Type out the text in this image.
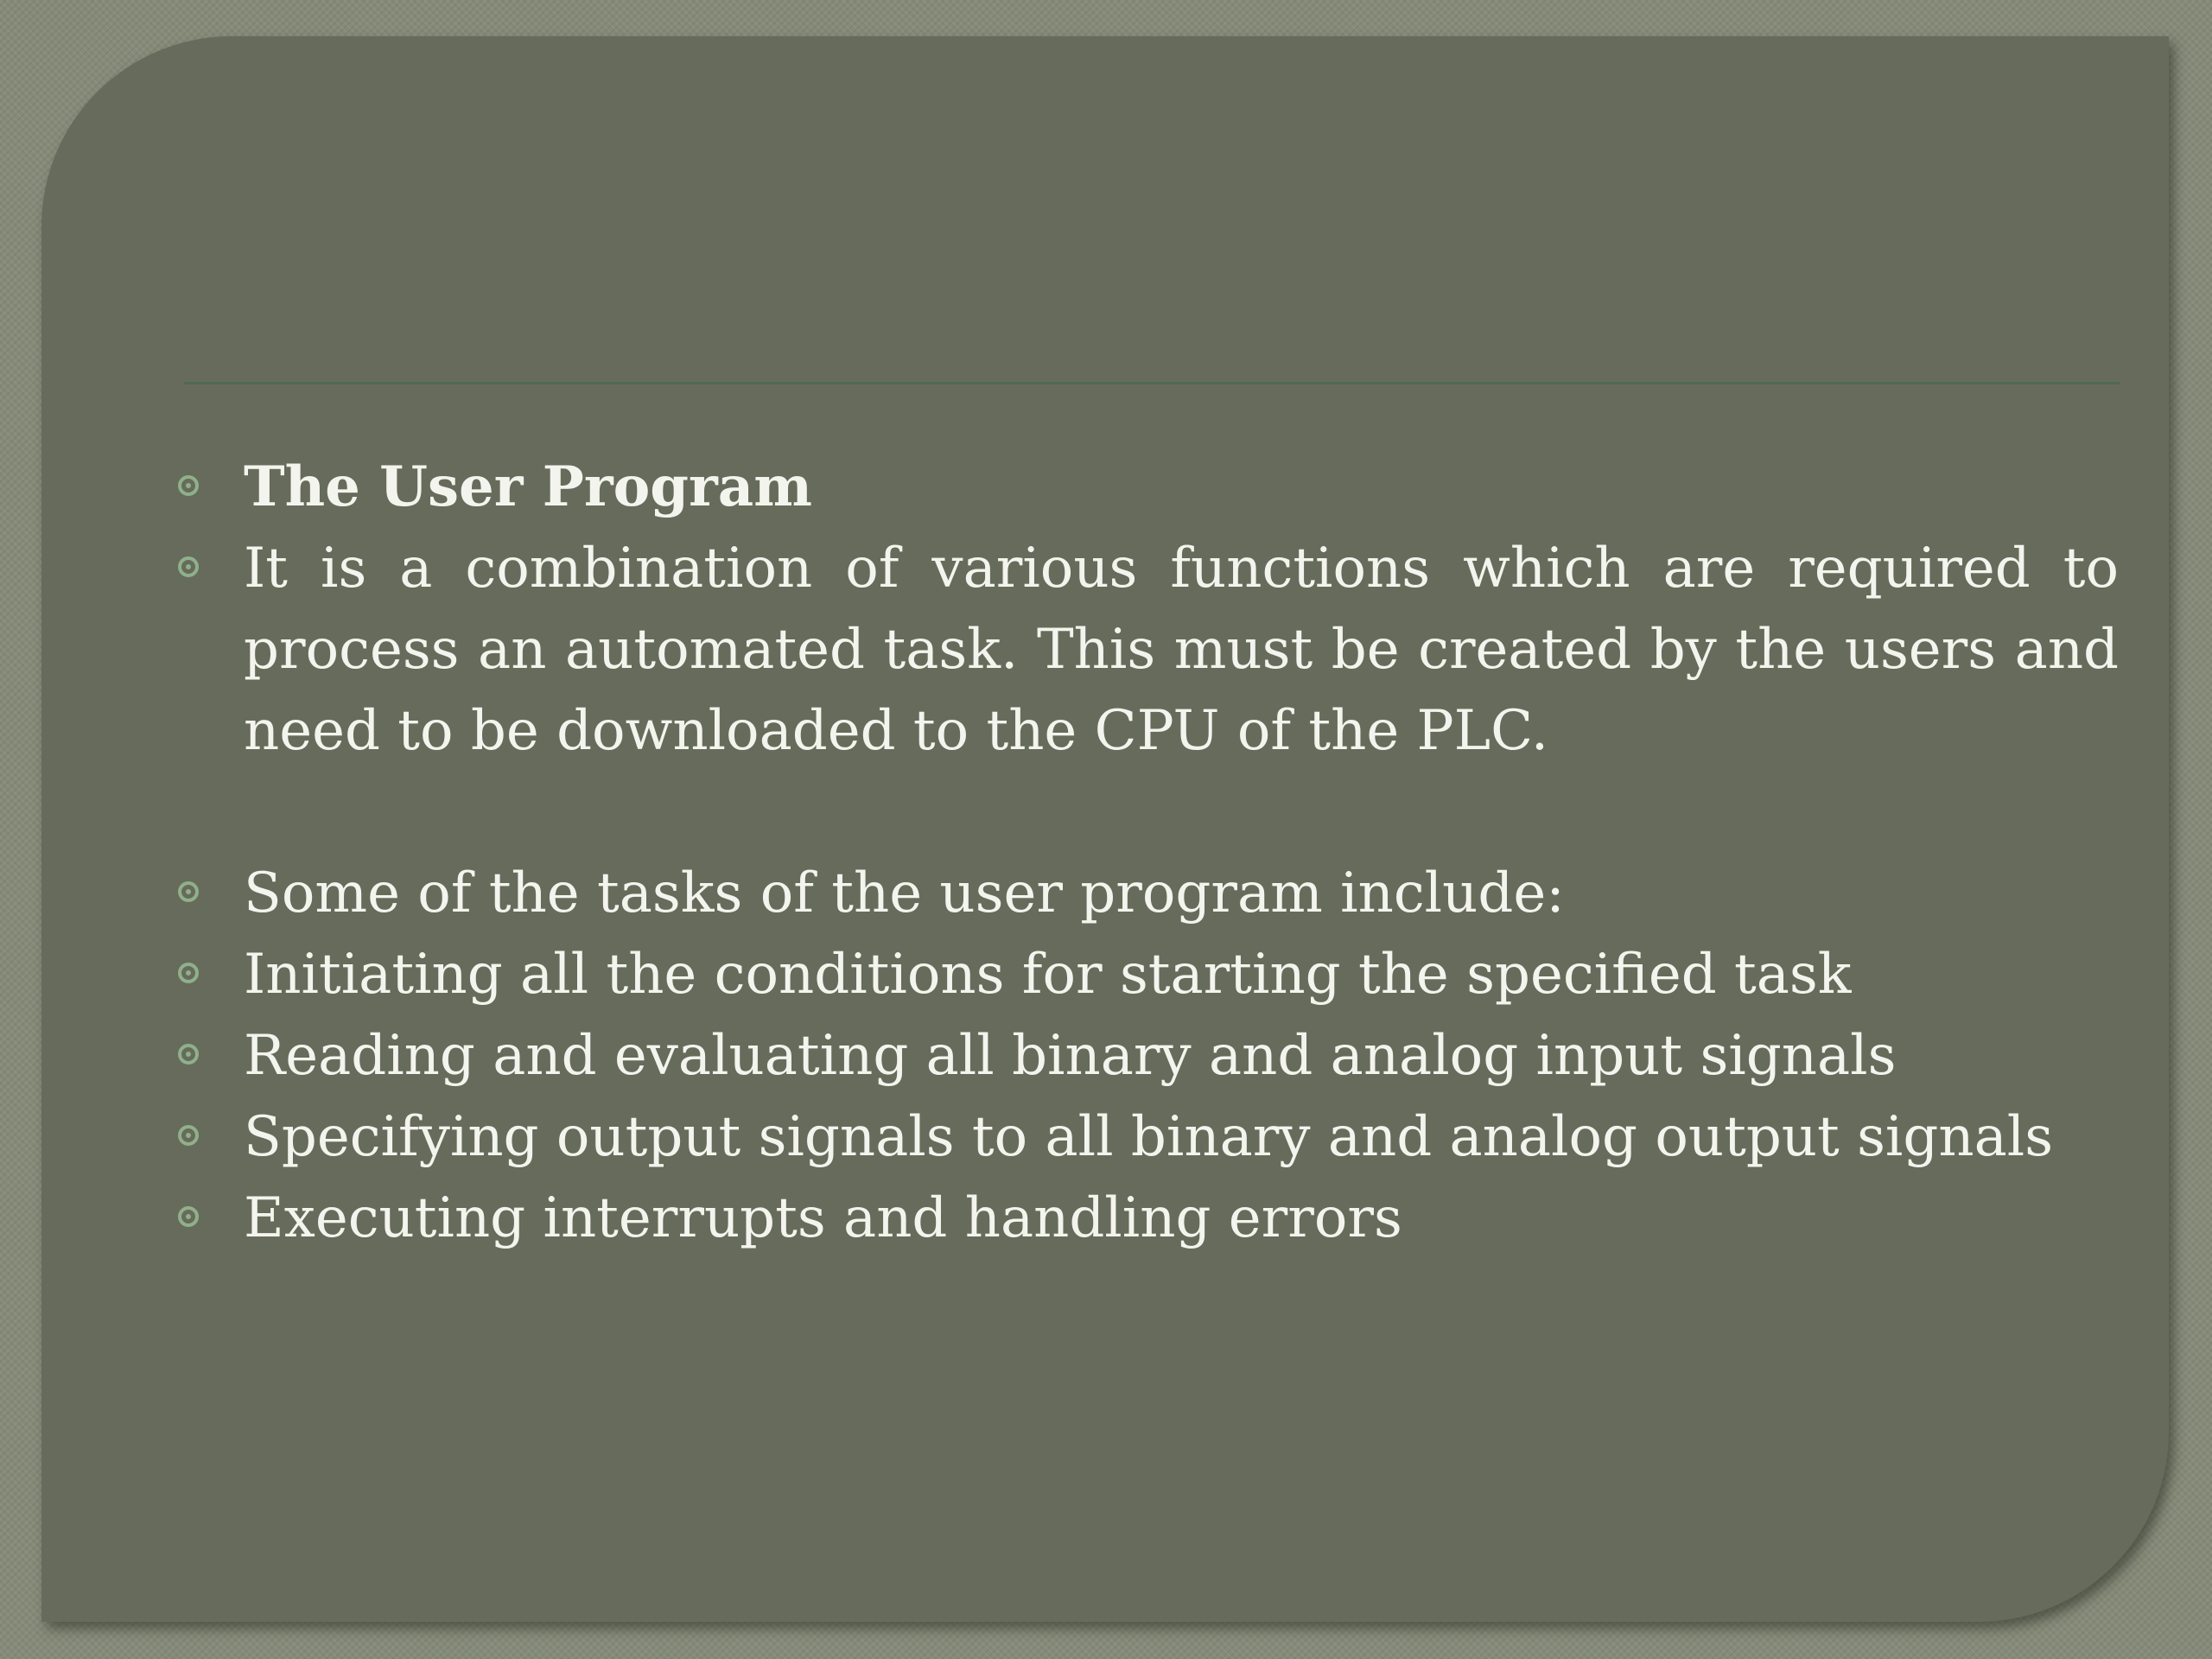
The User Program
It is a combination of various functions which are required to process an automated task. This must be created by the users and need to be downloaded to the CPU of the PLC.
Some of the tasks of the user program include:
Initiating all the conditions for starting the specified task
Reading and evaluating all binary and analog input signals
Specifying output signals to all binary and analog output signals
Executing interrupts and handling errors
